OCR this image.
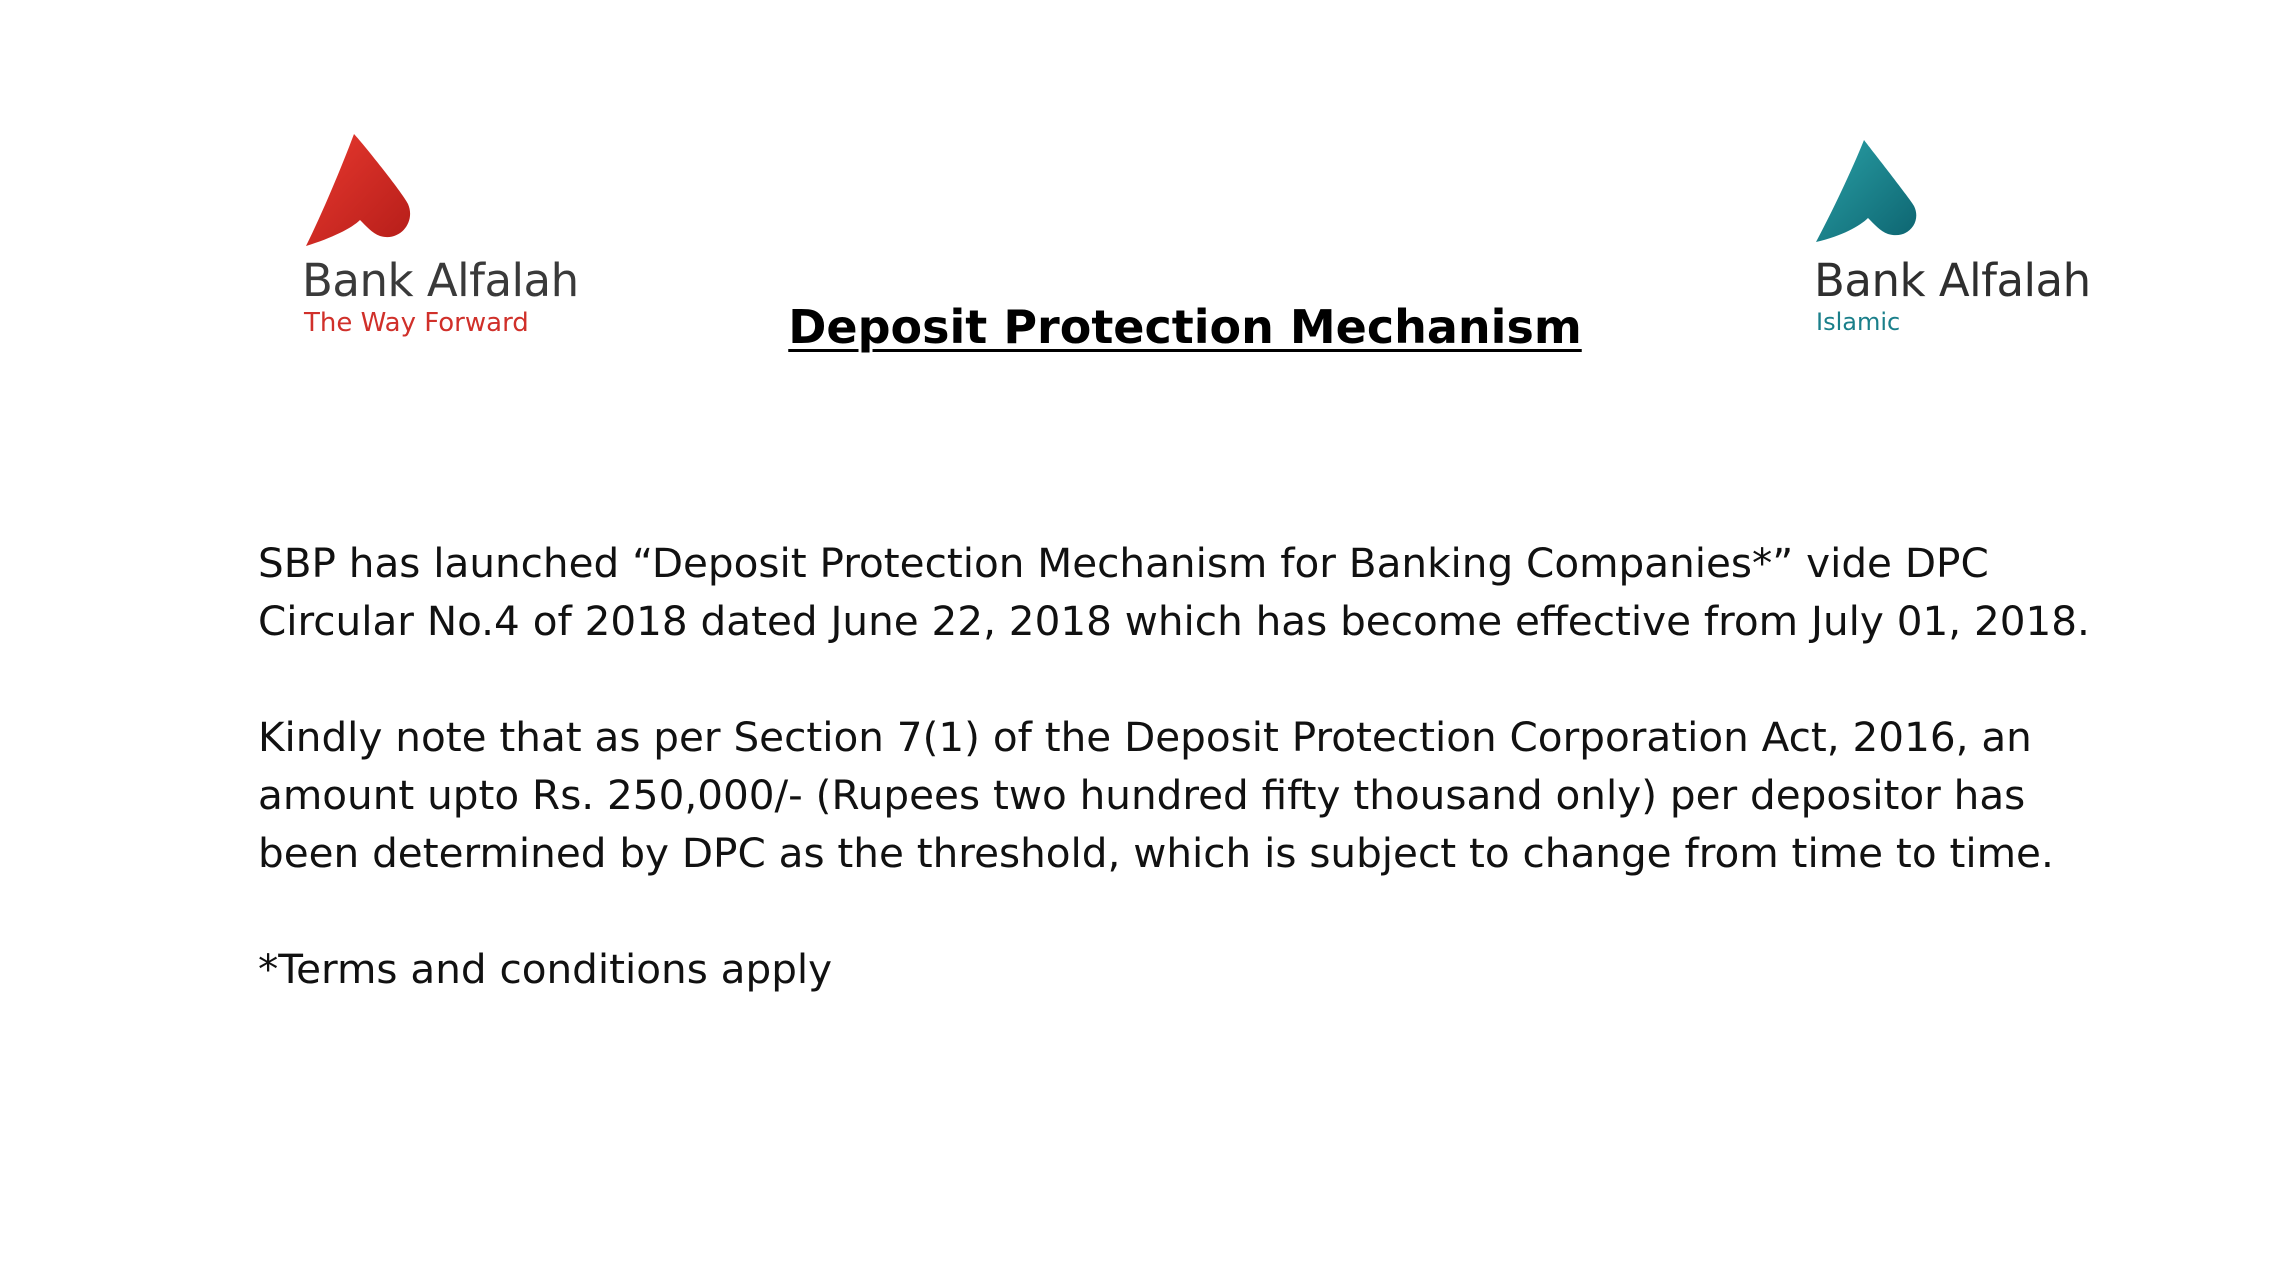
Bank Alfalah
The Way Forward
Bank Alfalah
Islamic
Deposit Protection Mechanism

SBP has launched “Deposit Protection Mechanism for Banking Companies*” vide DPC Circular No.4 of 2018 dated June 22, 2018 which has become effective from July 01, 2018.

Kindly note that as per Section 7(1) of the Deposit Protection Corporation Act, 2016, an amount upto Rs. 250,000/- (Rupees two hundred fifty thousand only) per depositor has been determined by DPC as the threshold, which is subject to change from time to time.

*Terms and conditions apply
